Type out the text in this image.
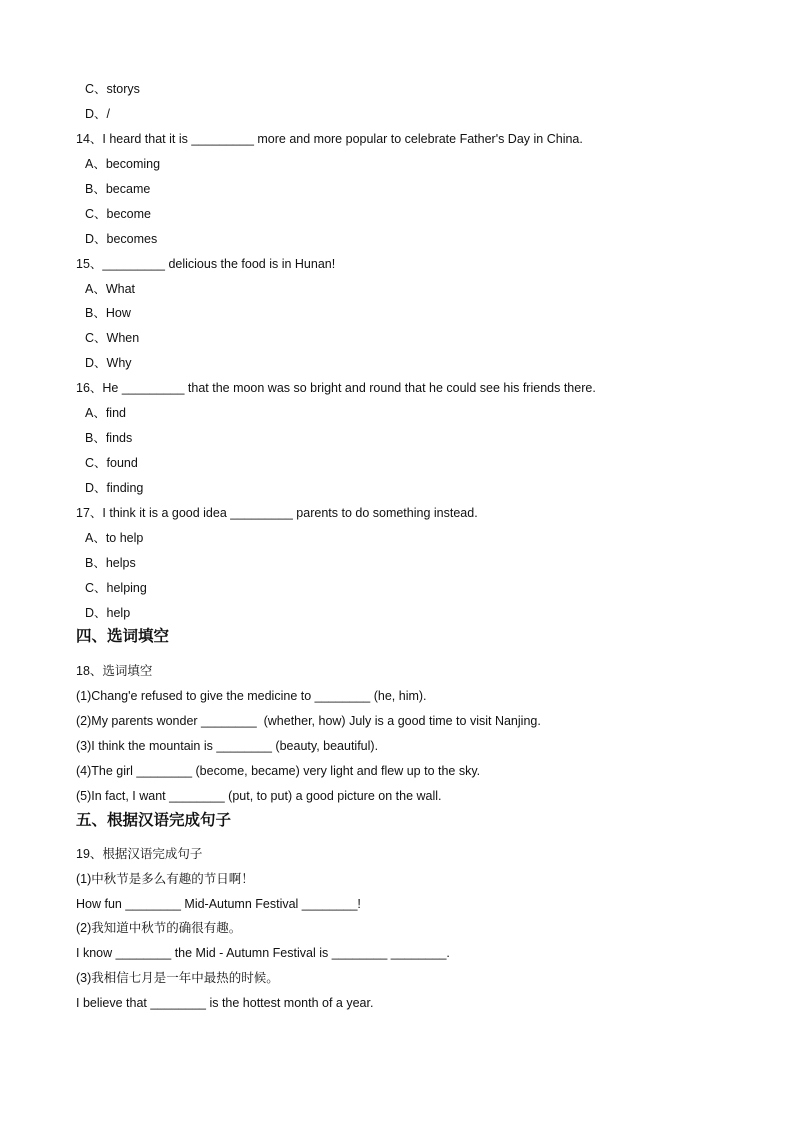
C、storys
D、/
14、I heard that it is _________ more and more popular to celebrate Father's Day in China.
A、becoming
B、became
C、become
D、becomes
15、_________ delicious the food is in Hunan!
A、What
B、How
C、When
D、Why
16、He _________ that the moon was so bright and round that he could see his friends there.
A、find
B、finds
C、found
D、finding
17、I think it is a good idea _________ parents to do something instead.
A、to help
B、helps
C、helping
D、help
四、选词填空
18、选词填空
(1)Chang'e refused to give the medicine to ________ (he, him).
(2)My parents wonder ________  (whether, how) July is a good time to visit Nanjing.
(3)I think the mountain is ________ (beauty, beautiful).
(4)The girl ________ (become, became) very light and flew up to the sky.
(5)In fact, I want ________ (put, to put) a good picture on the wall.
五、根据汉语完成句子
19、根据汉语完成句子
(1)中秋节是多么有趣的节日啊！
How fun ________ Mid-Autumn Festival ________!
(2)我知道中秋节的确很有趣。
I know ________ the Mid - Autumn Festival is ________ ________.
(3)我相信七月是一年中最热的时候。
I believe that ________ is the hottest month of a year.
